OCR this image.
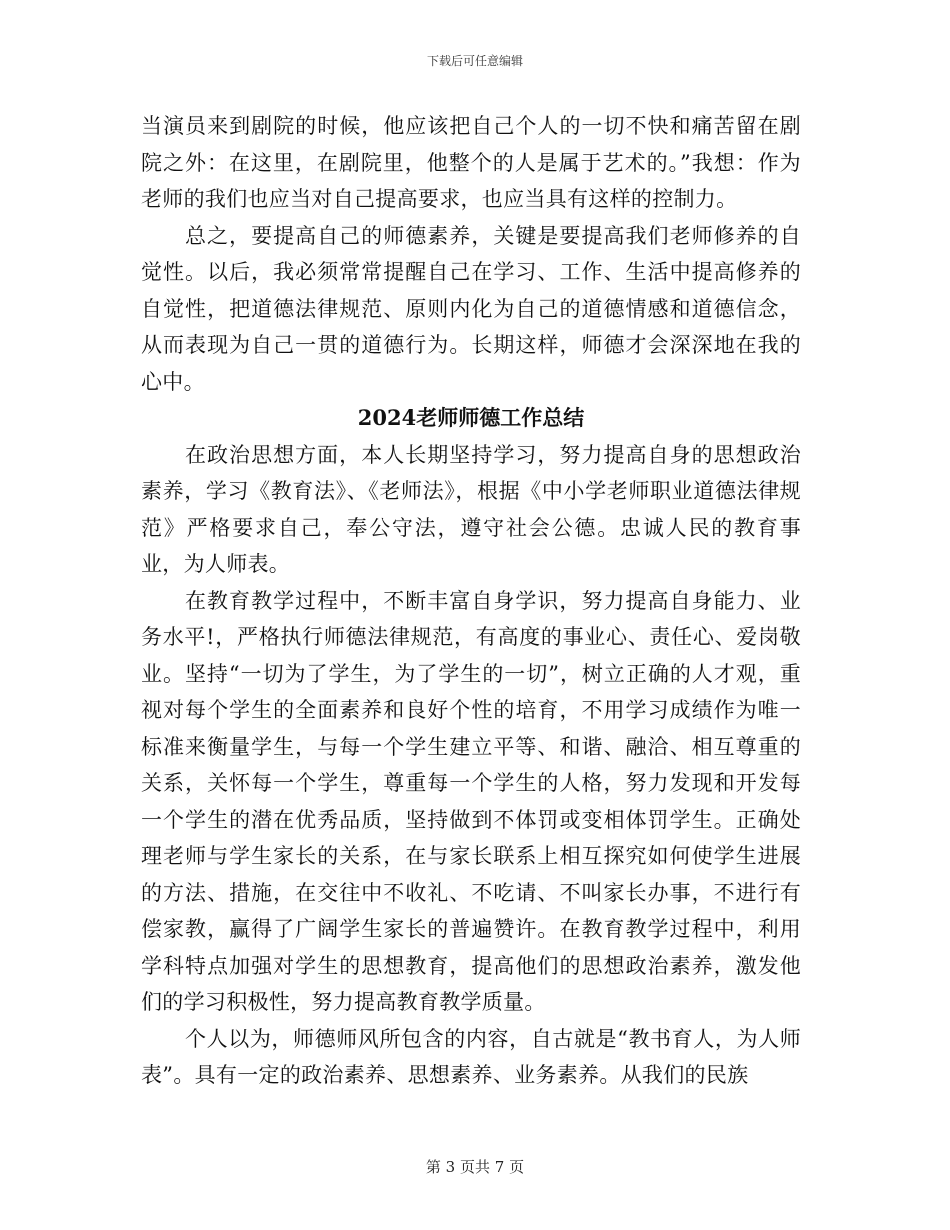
下载后可任意编辑

当演员来到剧院的时候，他应该把自己个人的一切不快和痛苦留在剧院之外：在这里，在剧院里，他整个的人是属于艺术的。”我想：作为老师的我们也应当对自己提高要求，也应当具有这样的控制力。

总之，要提高自己的师德素养，关键是要提高我们老师修养的自觉性。以后，我必须常常提醒自己在学习、工作、生活中提高修养的自觉性，把道德法律规范、原则内化为自己的道德情感和道德信念，从而表现为自己一贯的道德行为。长期这样，师德才会深深地在我的心中。

2024老师师德工作总结

在政治思想方面，本人长期坚持学习，努力提高自身的思想政治素养，学习《教育法》、《老师法》，根据《中小学老师职业道德法律规范》严格要求自己，奉公守法，遵守社会公德。忠诚人民的教育事业，为人师表。

在教育教学过程中，不断丰富自身学识，努力提高自身能力、业务水平!，严格执行师德法律规范，有高度的事业心、责任心、爱岗敬业。坚持“一切为了学生，为了学生的一切”，树立正确的人才观，重视对每个学生的全面素养和良好个性的培育，不用学习成绩作为唯一标准来衡量学生，与每一个学生建立平等、和谐、融洽、相互尊重的关系，关怀每一个学生，尊重每一个学生的人格，努力发现和开发每一个学生的潜在优秀品质，坚持做到不体罚或变相体罚学生。正确处理老师与学生家长的关系，在与家长联系上相互探究如何使学生进展的方法、措施，在交往中不收礼、不吃请、不叫家长办事，不进行有偿家教，赢得了广阔学生家长的普遍赞许。在教育教学过程中，利用学科特点加强对学生的思想教育，提高他们的思想政治素养，激发他们的学习积极性，努力提高教育教学质量。

个人以为，师德师风所包含的内容，自古就是“教书育人，为人师表”。具有一定的政治素养、思想素养、业务素养。从我们的民族

第 3 页共 7 页
